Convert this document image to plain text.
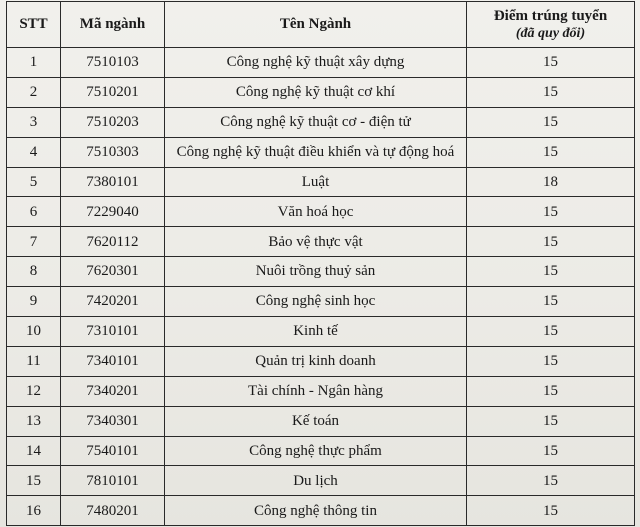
STT	Mã ngành	Tên Ngành	Điểm trúng tuyển
(đã quy đổi)

1	7510103	Công nghệ kỹ thuật xây dựng	15
2	7510201	Công nghệ kỹ thuật cơ khí	15
3	7510203	Công nghệ kỹ thuật cơ - điện tử	15
4	7510303	Công nghệ kỹ thuật điều khiển và tự động hoá	15
5	7380101	Luật	18
6	7229040	Văn hoá học	15
7	7620112	Bảo vệ thực vật	15
8	7620301	Nuôi trồng thuỷ sản	15
9	7420201	Công nghệ sinh học	15
10	7310101	Kinh tế	15
11	7340101	Quản trị kinh doanh	15
12	7340201	Tài chính - Ngân hàng	15
13	7340301	Kế toán	15
14	7540101	Công nghệ thực phẩm	15
15	7810101	Du lịch	15
16	7480201	Công nghệ thông tin	15
